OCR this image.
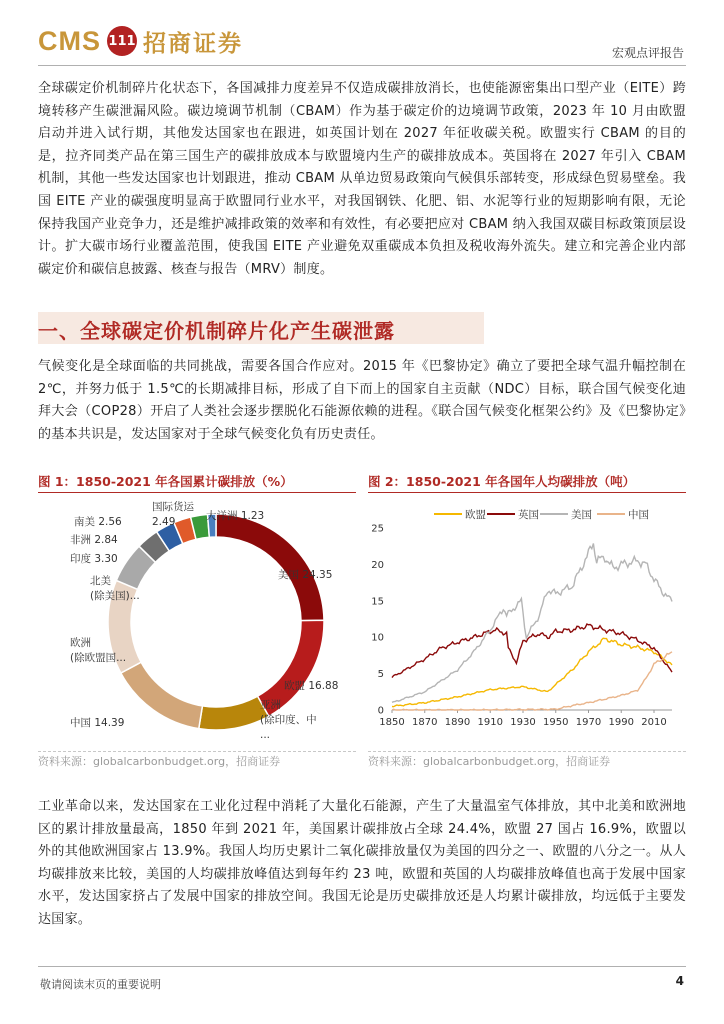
CMS 111 招商证券	宏观点评报告
全球碳定价机制碎片化状态下，各国减排力度差异不仅造成碳排放消长，也使能源密集出口型产业（EITE）跨境转移产生碳泄漏风险。碳边境调节机制（CBAM）作为基于碳定价的边境调节政策，2023 年 10 月由欧盟启动并进入试行期，其他发达国家也在跟进，如英国计划在 2027 年征收碳关税。欧盟实行 CBAM 的目的是，拉齐同类产品在第三国生产的碳排放成本与欧盟境内生产的碳排放成本。英国将在 2027 年引入 CBAM 机制，其他一些发达国家也计划跟进，推动 CBAM 从单边贸易政策向气候俱乐部转变，形成绿色贸易壁垒。我国 EITE 产业的碳强度明显高于欧盟同行业水平，对我国钢铁、化肥、铝、水泥等行业的短期影响有限，无论保持我国产业竞争力，还是维护减排政策的效率和有效性，有必要把应对 CBAM 纳入我国双碳目标政策顶层设计。扩大碳市场行业覆盖范围，使我国 EITE 产业避免双重碳成本负担及税收海外流失。建立和完善企业内部碳定价和碳信息披露、核查与报告（MRV）制度。
一、全球碳定价机制碎片化产生碳泄露
气候变化是全球面临的共同挑战，需要各国合作应对。2015 年《巴黎协定》确立了要把全球气温升幅控制在 2℃，并努力低于 1.5℃的长期减排目标，形成了自下而上的国家自主贡献（NDC）目标，联合国气候变化迪拜大会（COP28）开启了人类社会逐步摆脱化石能源依赖的进程。《联合国气候变化框架公约》及《巴黎协定》的基本共识是，发达国家对于全球气候变化负有历史责任。
图 1：1850-2021 年各国累计碳排放（%）
美国 24.35
欧盟 16.88
亚洲
(除印度、中
...
中国 14.39
欧洲
(除欧盟国...
北美
(除美国)...
印度 3.30
非洲 2.84
南美 2.56
国际货运
2.49	大洋洲 1.23
资料来源：globalcarbonbudget.org，招商证券
图 2：1850-2021 年各国年人均碳排放（吨）
0
5
10
15
20
25
1850 1870 1890 1910 1930 1950 1970 1990 2010
欧盟	英国	美国	中国
资料来源：globalcarbonbudget.org，招商证券
工业革命以来，发达国家在工业化过程中消耗了大量化石能源，产生了大量温室气体排放，其中北美和欧洲地区的累计排放量最高，1850 年到 2021 年，美国累计碳排放占全球 24.4%，欧盟 27 国占 16.9%，欧盟以外的其他欧洲国家占 13.9%。我国人均历史累计二氧化碳排放量仅为美国的四分之一、欧盟的八分之一。从人均碳排放来比较，美国的人均碳排放峰值达到每年约 23 吨，欧盟和英国的人均碳排放峰值也高于发展中国家水平，发达国家挤占了发展中国家的排放空间。我国无论是历史碳排放还是人均累计碳排放，均远低于主要发达国家。
敬请阅读末页的重要说明	4
